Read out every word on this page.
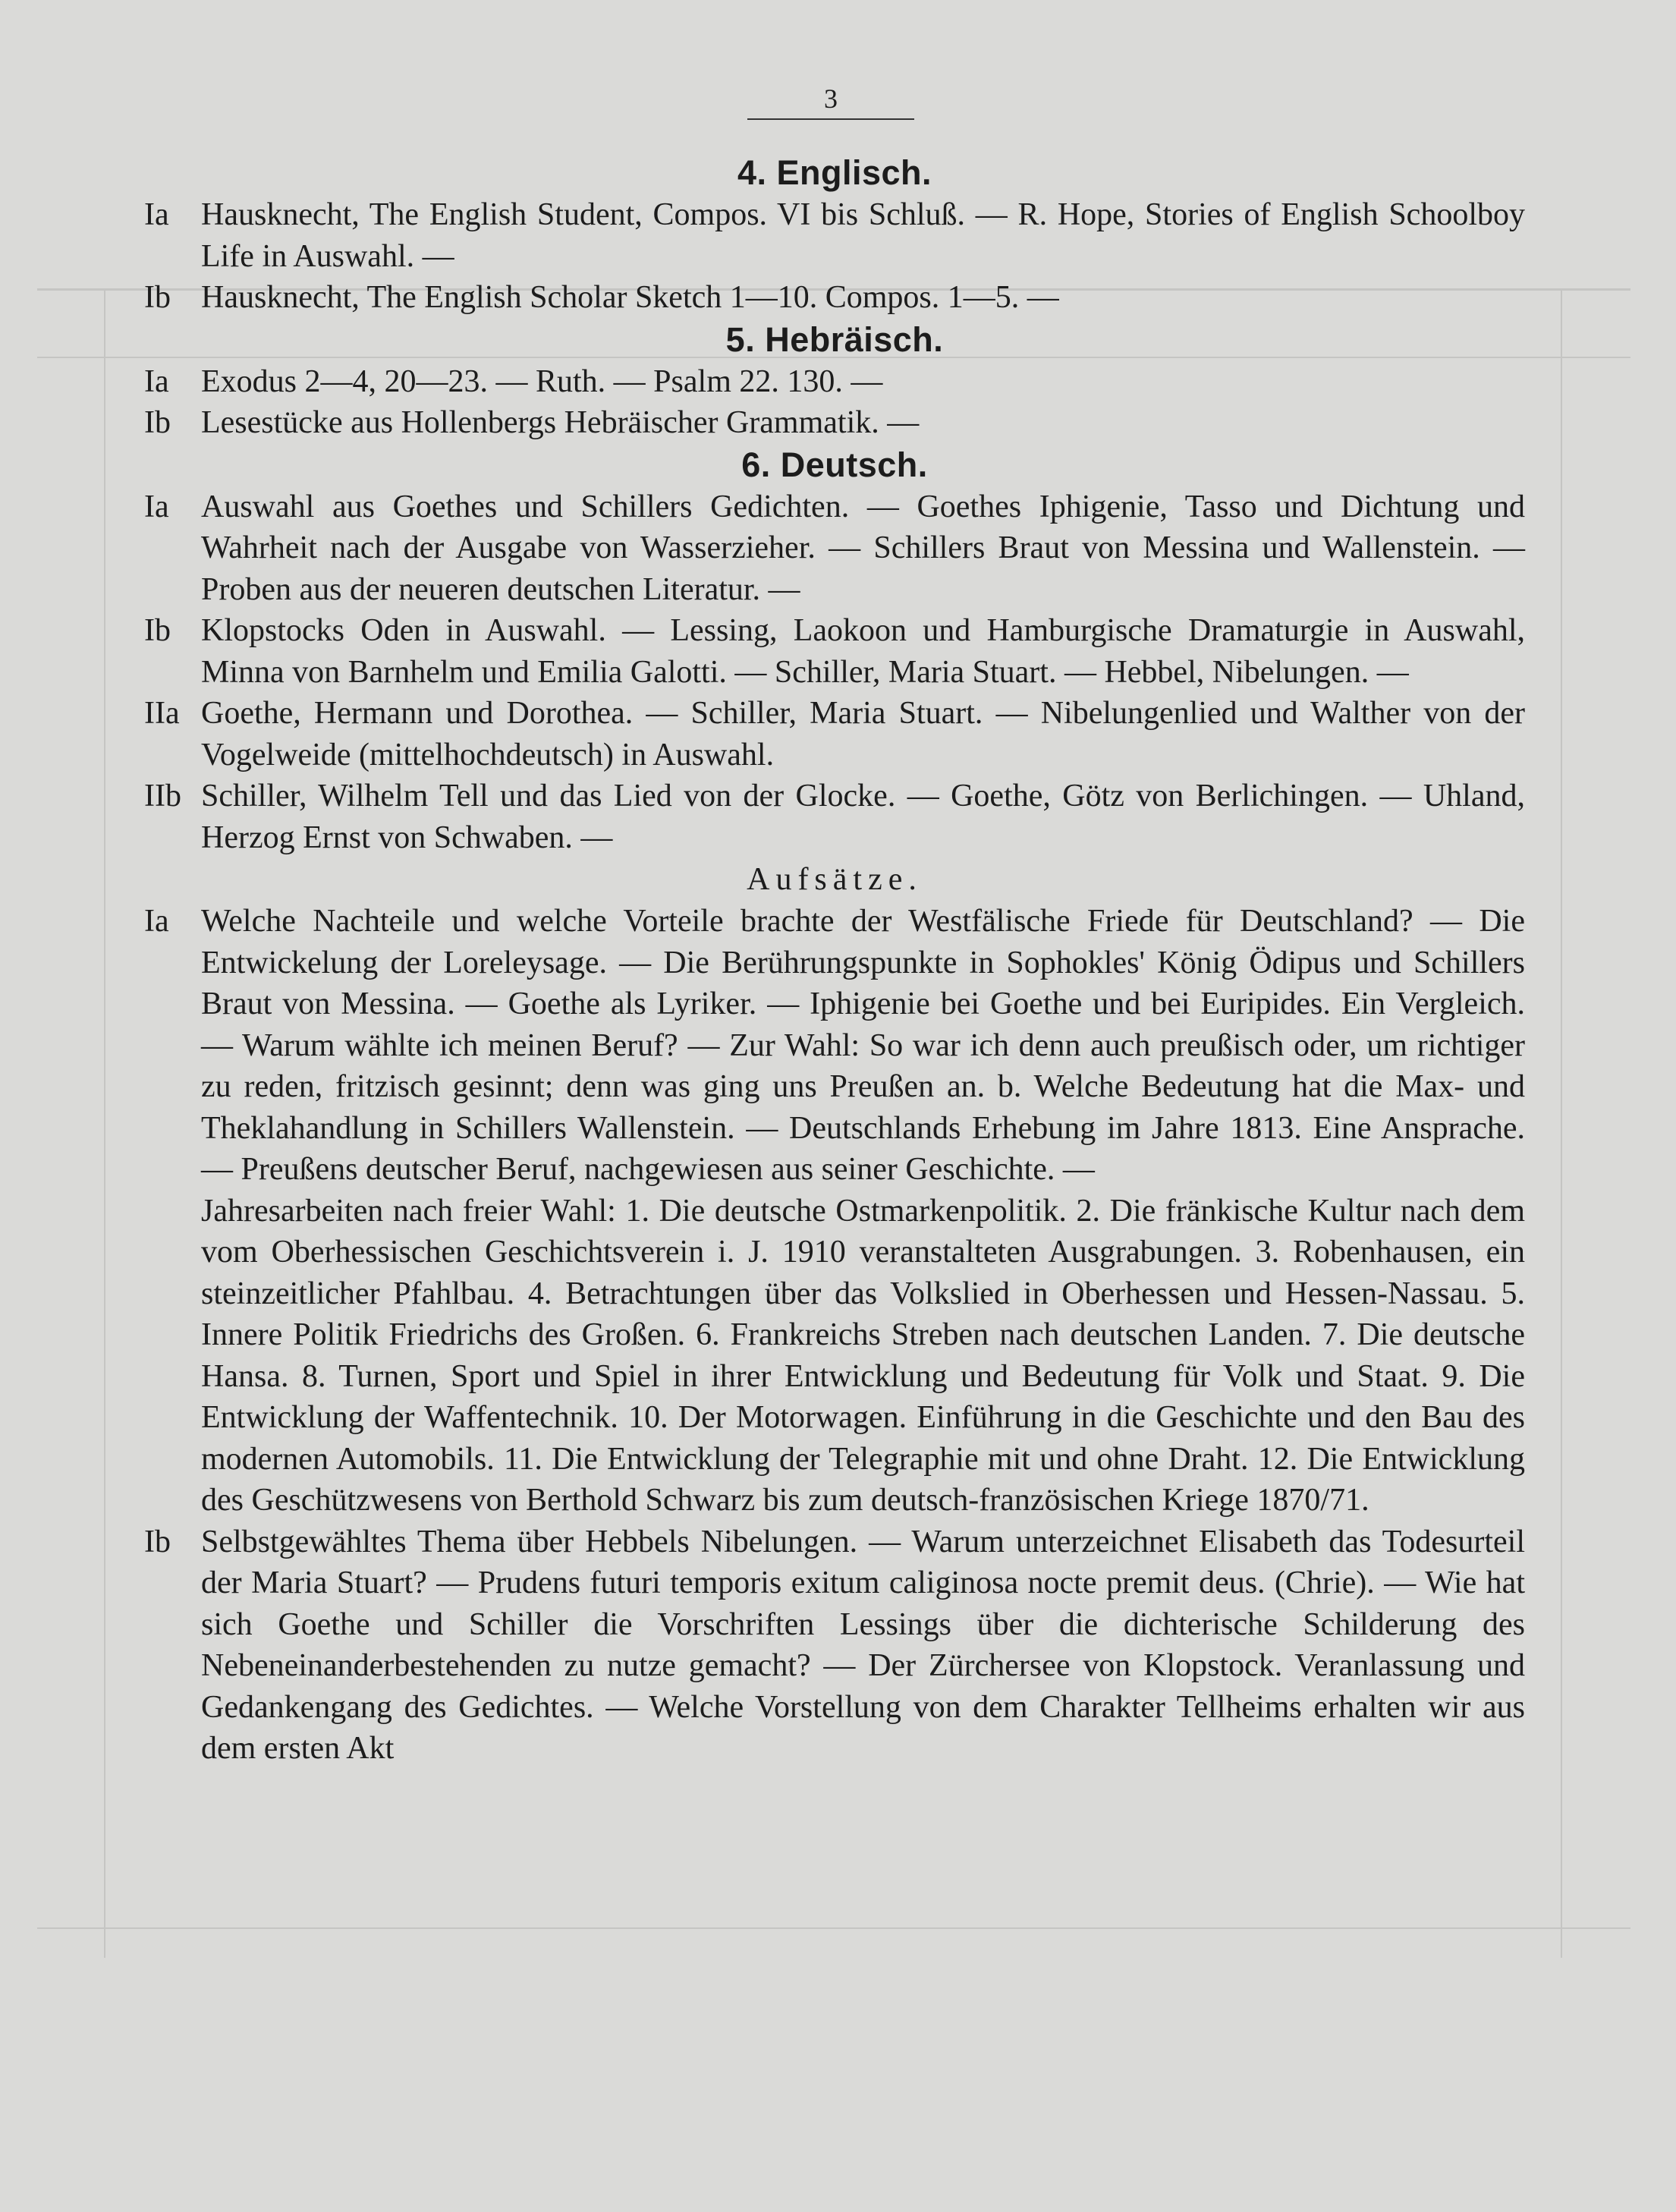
3
4. Englisch.
Ia Hausknecht, The English Student, Compos. VI bis Schluß. — R. Hope, Stories of English Schoolboy Life in Auswahl. —

Ib Hausknecht, The English Scholar Sketch 1—10. Compos. 1—5. —

5. Hebräisch.
Ia Exodus 2—4, 20—23. — Ruth. — Psalm 22. 130. —

Ib Lesestücke aus Hollenbergs Hebräischer Grammatik. —

6. Deutsch.
Ia Auswahl aus Goethes und Schillers Gedichten. — Goethes Iphigenie, Tasso und Dichtung und Wahrheit nach der Ausgabe von Wasserzieher. — Schillers Braut von Messina und Wallenstein. — Proben aus der neueren deutschen Literatur. —

Ib Klopstocks Oden in Auswahl. — Lessing, Laokoon und Hamburgische Dramaturgie in Auswahl, Minna von Barnhelm und Emilia Galotti. — Schiller, Maria Stuart. — Hebbel, Nibelungen. —

IIa Goethe, Hermann und Dorothea. — Schiller, Maria Stuart. — Nibelungenlied und Walther von der Vogelweide (mittelhochdeutsch) in Auswahl.

IIb Schiller, Wilhelm Tell und das Lied von der Glocke. — Goethe, Götz von Berlichingen. — Uhland, Herzog Ernst von Schwaben. —

Aufsätze.
Ia Welche Nachteile und welche Vorteile brachte der Westfälische Friede für Deutschland? — Die Entwickelung der Loreleysage. — Die Berührungspunkte in Sophokles' König Ödipus und Schillers Braut von Messina. — Goethe als Lyriker. — Iphigenie bei Goethe und bei Euripides. Ein Vergleich. — Warum wählte ich meinen Beruf? — Zur Wahl: So war ich denn auch preußisch oder, um richtiger zu reden, fritzisch gesinnt; denn was ging uns Preußen an. b. Welche Bedeutung hat die Max- und Theklahandlung in Schillers Wallenstein. — Deutschlands Erhebung im Jahre 1813. Eine Ansprache. — Preußens deutscher Beruf, nachgewiesen aus seiner Geschichte. —

Jahresarbeiten nach freier Wahl: 1. Die deutsche Ostmarkenpolitik. 2. Die fränkische Kultur nach dem vom Oberhessischen Geschichtsverein i. J. 1910 veranstalteten Ausgrabungen. 3. Robenhausen, ein steinzeitlicher Pfahlbau. 4. Betrachtungen über das Volkslied in Oberhessen und Hessen-Nassau. 5. Innere Politik Friedrichs des Großen. 6. Frankreichs Streben nach deutschen Landen. 7. Die deutsche Hansa. 8. Turnen, Sport und Spiel in ihrer Entwicklung und Bedeutung für Volk und Staat. 9. Die Entwicklung der Waffentechnik. 10. Der Motorwagen. Einführung in die Geschichte und den Bau des modernen Automobils. 11. Die Entwicklung der Telegraphie mit und ohne Draht. 12. Die Entwicklung des Geschützwesens von Berthold Schwarz bis zum deutsch-französischen Kriege 1870/71.

Ib Selbstgewähltes Thema über Hebbels Nibelungen. — Warum unterzeichnet Elisabeth das Todesurteil der Maria Stuart? — Prudens futuri temporis exitum caliginosa nocte premit deus. (Chrie). — Wie hat sich Goethe und Schiller die Vorschriften Lessings über die dichterische Schilderung des Nebeneinanderbestehenden zu nutze gemacht? — Der Zürchersee von Klopstock. Veranlassung und Gedankengang des Gedichtes. — Welche Vorstellung von dem Charakter Tellheims erhalten wir aus dem ersten Akt
